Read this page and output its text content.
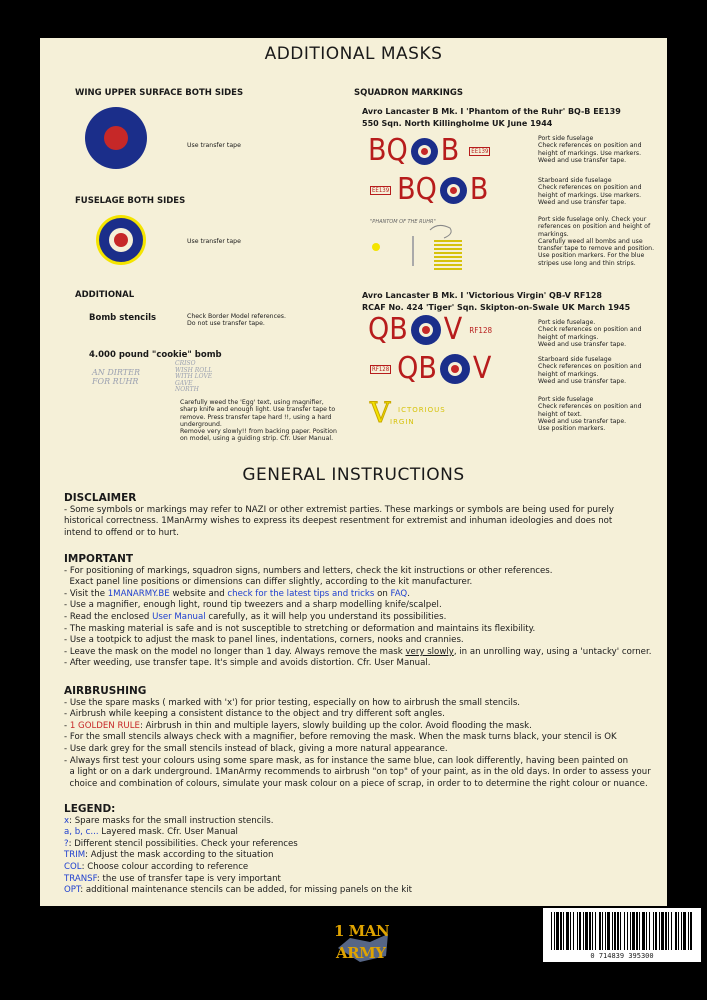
ADDITIONAL MASKS
WING UPPER SURFACE BOTH SIDES
Use transfer tape
FUSELAGE BOTH SIDES
Use transfer tape
ADDITIONAL
Bomb stencils	Check Border Model references.
Do not use transfer tape.
4.000 pound "cookie" bomb
AN DIRTER
FOR RUHR
CRISO
WISH ROLL
WITH LOVE
GAVE
NORTH
Carefully weed the 'Egg' text, using magnifier,
sharp knife and enough light. Use transfer tape to
remove. Press transfer tape hard !!, using a hard
underground.
Remove very slowly!! from backing paper. Position
on model, using a guiding strip. Cfr. User Manual.
SQUADRON MARKINGS
Avro Lancaster B Mk. I 'Phantom of the Ruhr' BQ-B EE139
550 Sqn. North Killingholme UK June 1944
BQ B	EE139
Port side fuselage
Check references on position and
height of markings. Use markers.
Weed and use transfer tape.
EE139 BQ B	Starboard side fuselage
Check references on position and
height of markings. Use markers.
Weed and use transfer tape.
"PHANTOM OF THE RUHR"	Port side fuselage only. Check your
references on position and height of
markings.
Carefully weed all bombs and use
transfer tape to remove and position.
Use position markers. For the blue
stripes use long and thin strips.
Avro Lancaster B Mk. I 'Victorious Virgin' QB-V RF128
RCAF No. 424 'Tiger' Sqn. Skipton-on-Swale UK March 1945
QB V RF128
Port side fuselage.
Check references on position and
height of markings.
Weed and use transfer tape.
RF128 QB V	Starboard side fuselage
Check references on position and
height of markings.
Weed and use transfer tape.
V ICTORIOUS
IRGIN
Port side fuselage
Check references on position and
height of text.
Weed and use transfer tape.
Use position markers.
GENERAL INSTRUCTIONS

DISCLAIMER

- Some symbols or markings may refer to NAZI or other extremist parties. These markings or symbols are being used for purely
historical correctness. 1ManArmy wishes to express its deepest resentment for extremist and inhuman ideologies and does not
intend to offend or to hurt.

IMPORTANT

- For positioning of markings, squadron signs, numbers and letters, check the kit instructions or other references.

Exact panel line positions or dimensions can differ slightly, according to the kit manufacturer.

- Visit the 1MANARMY.BE website and check for the latest tips and tricks on FAQ.

- Use a magnifier, enough light, round tip tweezers and a sharp modelling knife/scalpel.

- Read the enclosed User Manual carefully, as it will help you understand its possibilities.

- The masking material is safe and is not susceptible to stretching or deformation and maintains its flexibility.

- Use a tootpick to adjust the mask to panel lines, indentations, corners, nooks and crannies.

- Leave the mask on the model no longer than 1 day. Always remove the mask very slowly, in an unrolling way, using a 'untacky' corner.

- After weeding, use transfer tape. It's simple and avoids distortion. Cfr. User Manual.

AIRBRUSHING

- Use the spare masks ( marked with 'x') for prior testing, especially on how to airbrush the small stencils.

- Airbrush while keeping a consistent distance to the object and try different soft angles.

- 1 GOLDEN RULE: Airbrush in thin and multiple layers, slowly building up the color. Avoid flooding the mask.

- For the small stencils always check with a magnifier, before removing the mask. When the mask turns black, your stencil is OK

- Use dark grey for the small stencils instead of black, giving a more natural appearance.

- Always first test your colours using some spare mask, as for instance the same blue, can look differently, having been painted on

a light or on a dark underground. 1ManArmy recommends to airbrush "on top" of your paint, as in the old days. In order to assess your

choice and combination of colours, simulate your mask colour on a piece of scrap, in order to to determine the right colour or nuance.

LEGEND:

x: Spare masks for the small instruction stencils.

a, b, c... Layered mask. Cfr. User Manual

?: Different stencil possibilities. Check your references

TRIM: Adjust the mask according to the situation

COL: Choose colour according to reference

TRANSF: the use of transfer tape is very important

OPT: additional maintenance stencils can be added, for missing panels on the kit

1 MAN
ARMY	0 714839 395300
